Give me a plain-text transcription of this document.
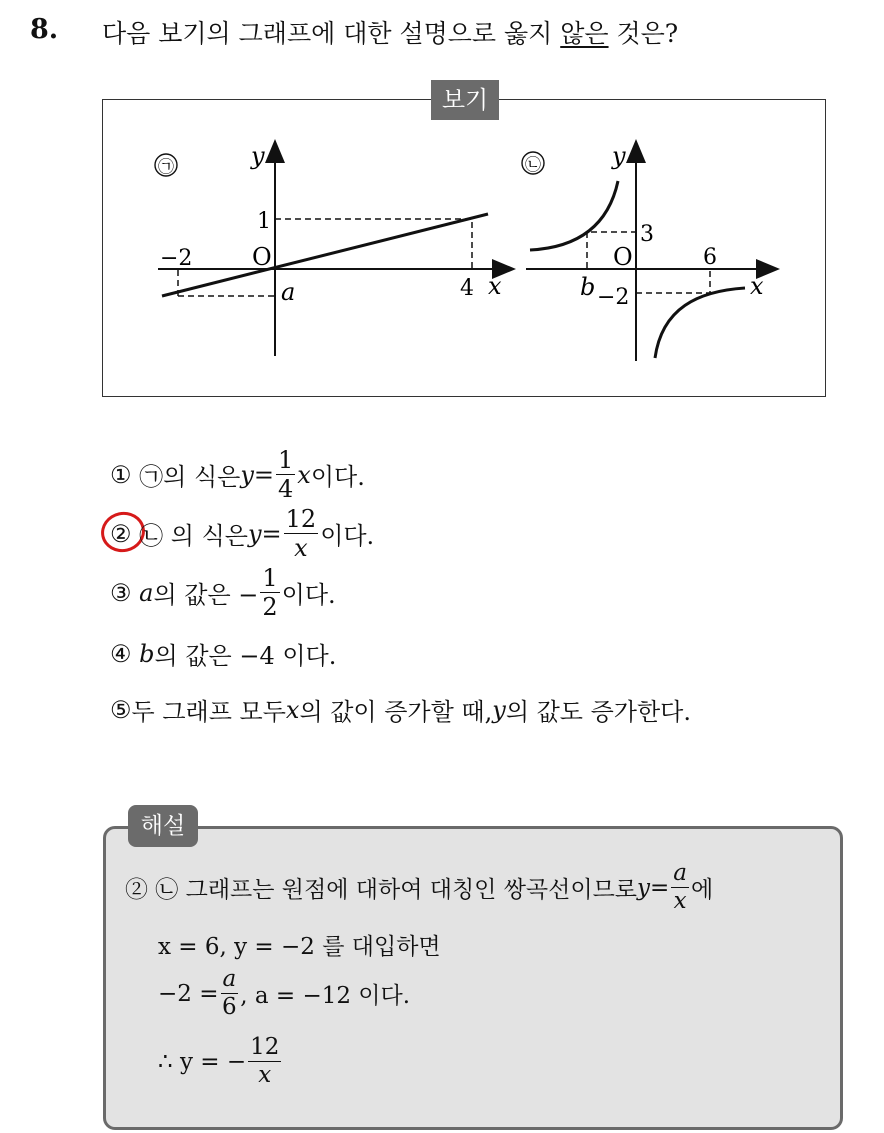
8. 다음 보기의 그래프에 대한 설명으로 옳지 않은 것은?
보기
㉠	y
x
O
−2
1
4
a
㉡	y
x
O
3
6
b −2
①
㉠의 식은 $y = \frac{1}{4}$ x 이다.
②
㉡ 의 식은 $y = \frac{12}{x}$ 이다.
③
a 의 값은 − $\frac{1}{2}$ 이다.
④
b 의 값은 −4 이다.
⑤ 두 그래프 모두 x 의 값이 증가할 때, y 의 값도 증가한다.
해설
② ㉡ 그래프는 원점에 대하여 대칭인 쌍곡선이므로 $y = \frac{a}{x}$ 에
x = 6, y = −2 를 대입하면
$-2 = \frac{a}{6}$ , a = −12 이다.
∴ y = − $\frac{12}{x}$
